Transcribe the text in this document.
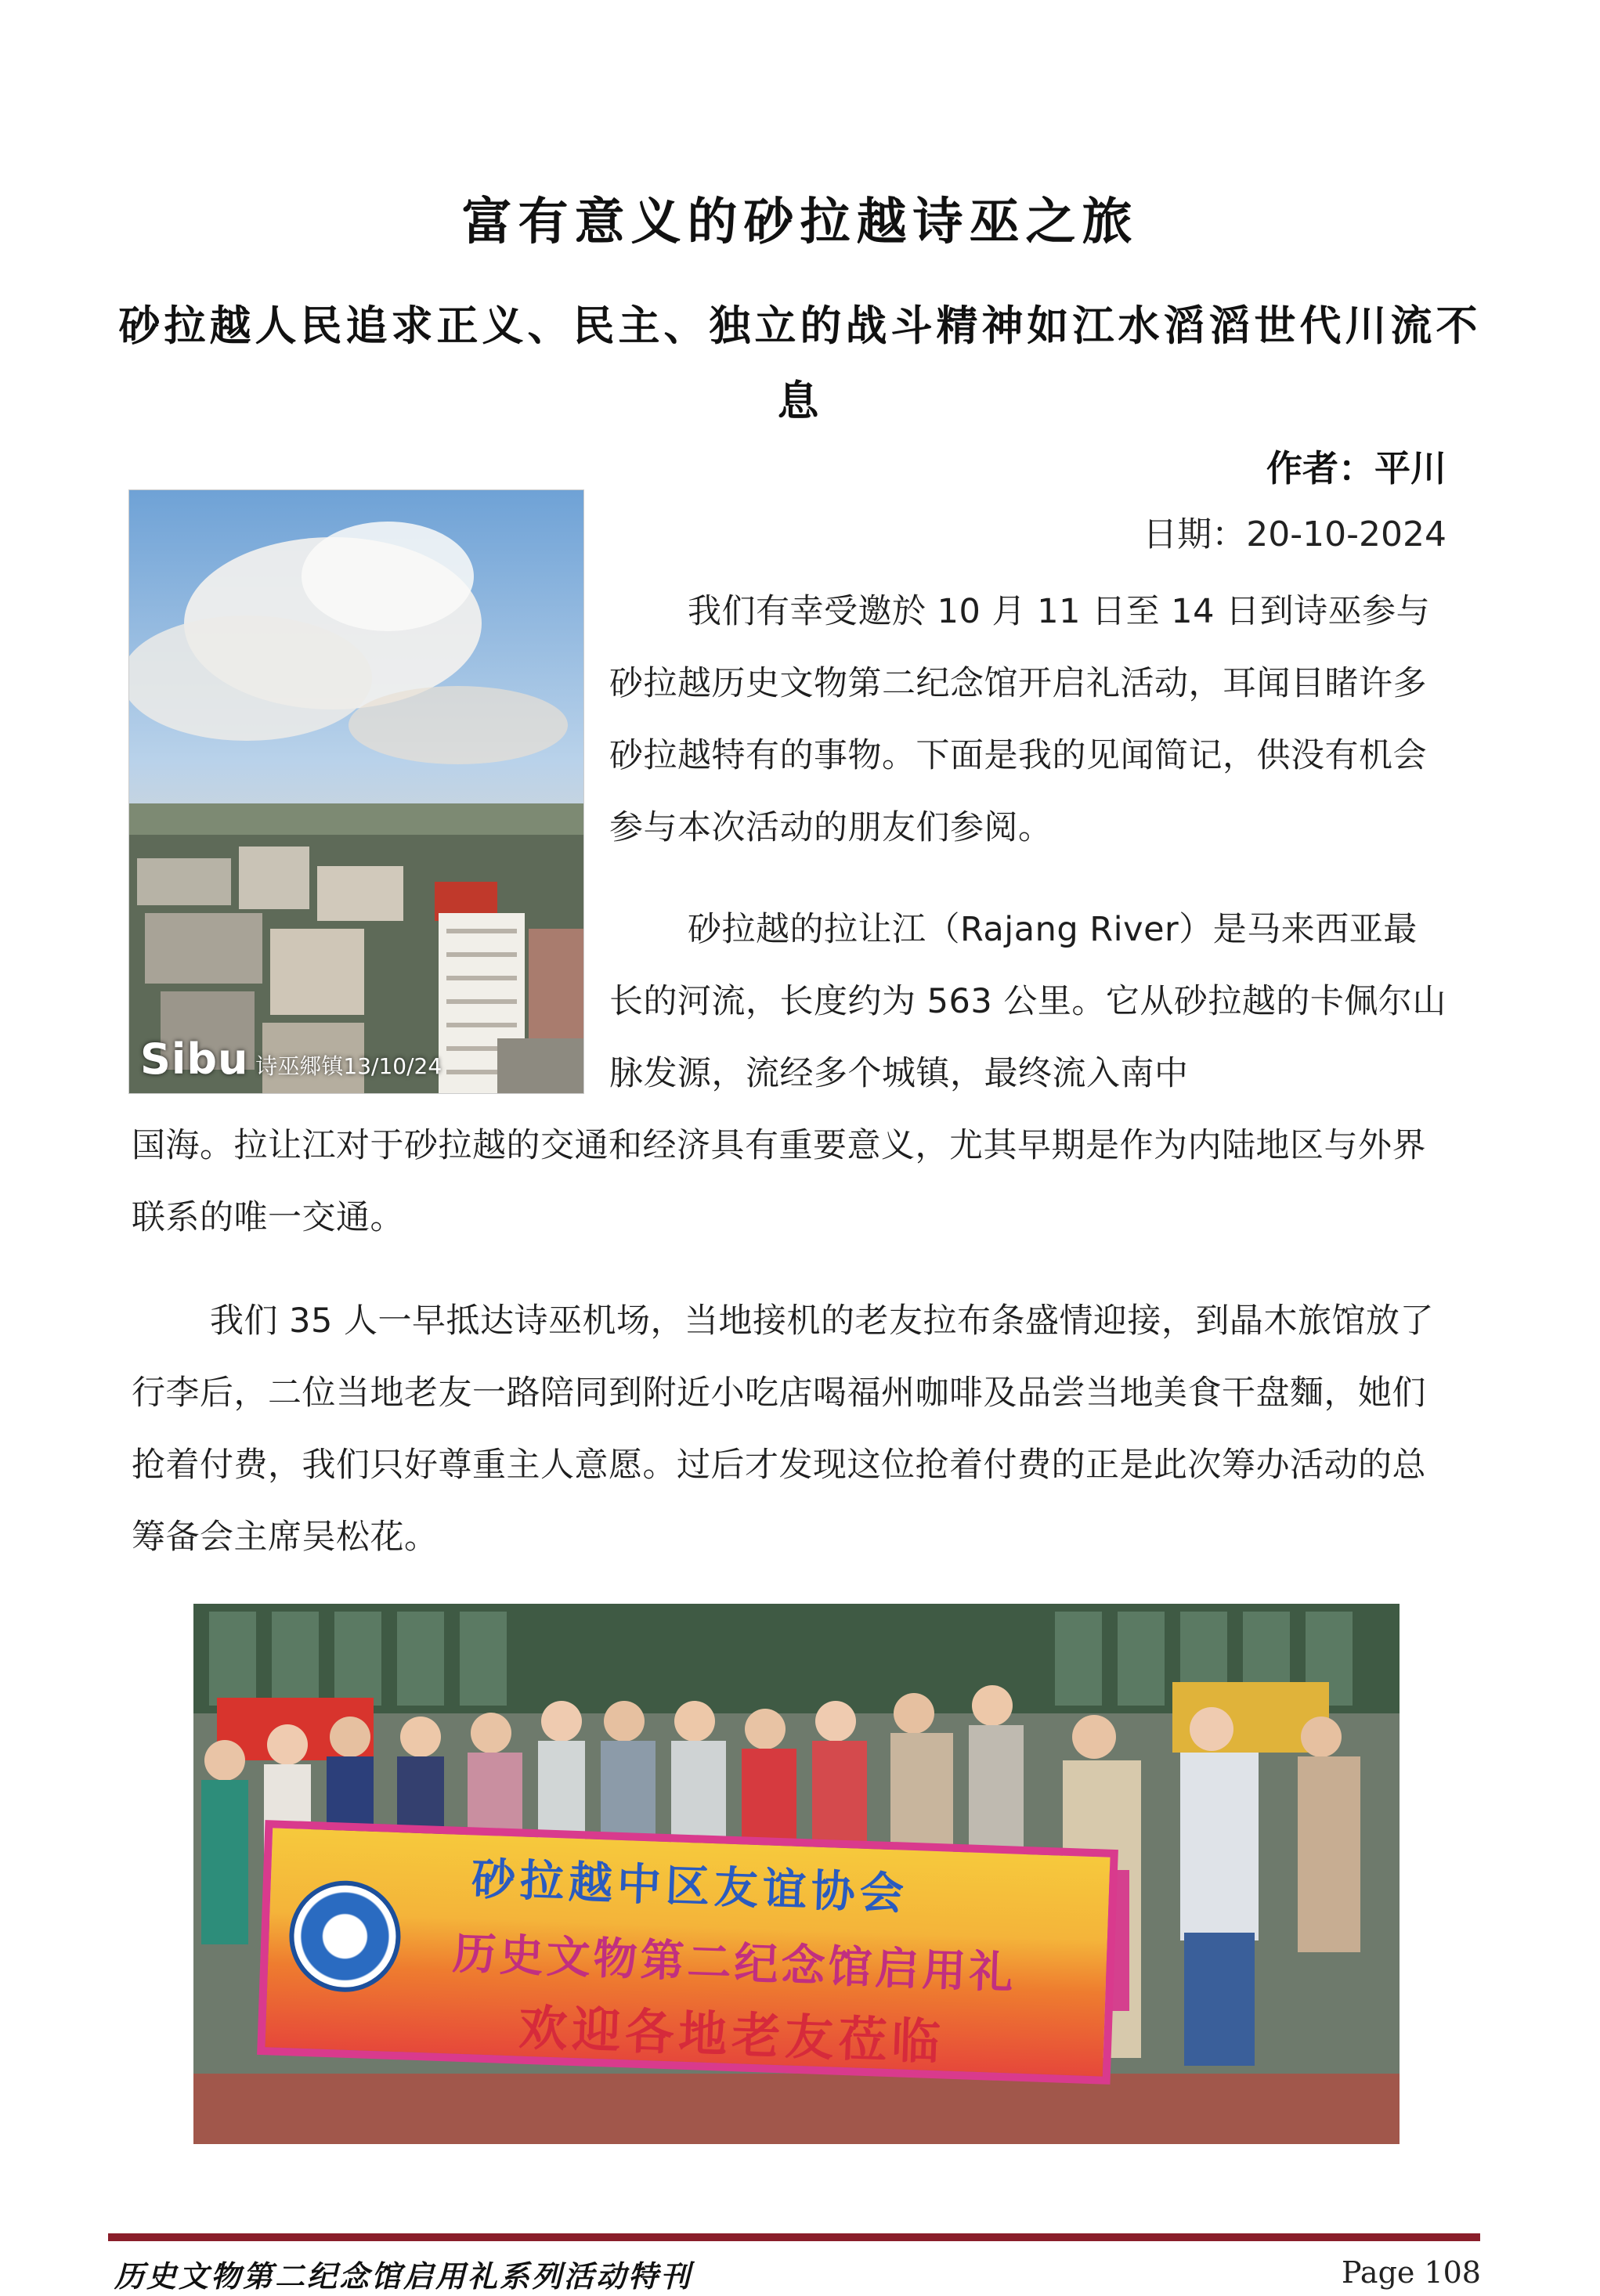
富有意义的砂拉越诗巫之旅
砂拉越人民追求正义、民主、独立的战斗精神如江水滔滔世代川流不息
作者：平川
日期：20-10-2024
Sibu 诗巫郷镇13/10/24

我们有幸受邀於 10 月 11 日至 14 日到诗巫参与砂拉越历史文物第二纪念馆开启礼活动，耳闻目睹许多砂拉越特有的事物。下面是我的见闻简记，供没有机会参与本次活动的朋友们参阅。

砂拉越的拉让江（Rajang River）是马来西亚最长的河流，长度约为 563 公里。它从砂拉越的卡佩尔山脉发源，流经多个城镇，最终流入南中

国海。拉让江对于砂拉越的交通和经济具有重要意义，尤其早期是作为内陆地区与外界联系的唯一交通。

我们 35 人一早抵达诗巫机场，当地接机的老友拉布条盛情迎接，到晶木旅馆放了行李后，二位当地老友一路陪同到附近小吃店喝福州咖啡及品尝当地美食干盘麵，她们抢着付费，我们只好尊重主人意愿。过后才发现这位抢着付费的正是此次筹办活动的总筹备会主席吴松花。

砂拉越中区友谊协会
历史文物第二纪念馆启用礼
欢迎各地老友莅临
历史文物第二纪念馆启用礼系列活动特刊	Page 108
